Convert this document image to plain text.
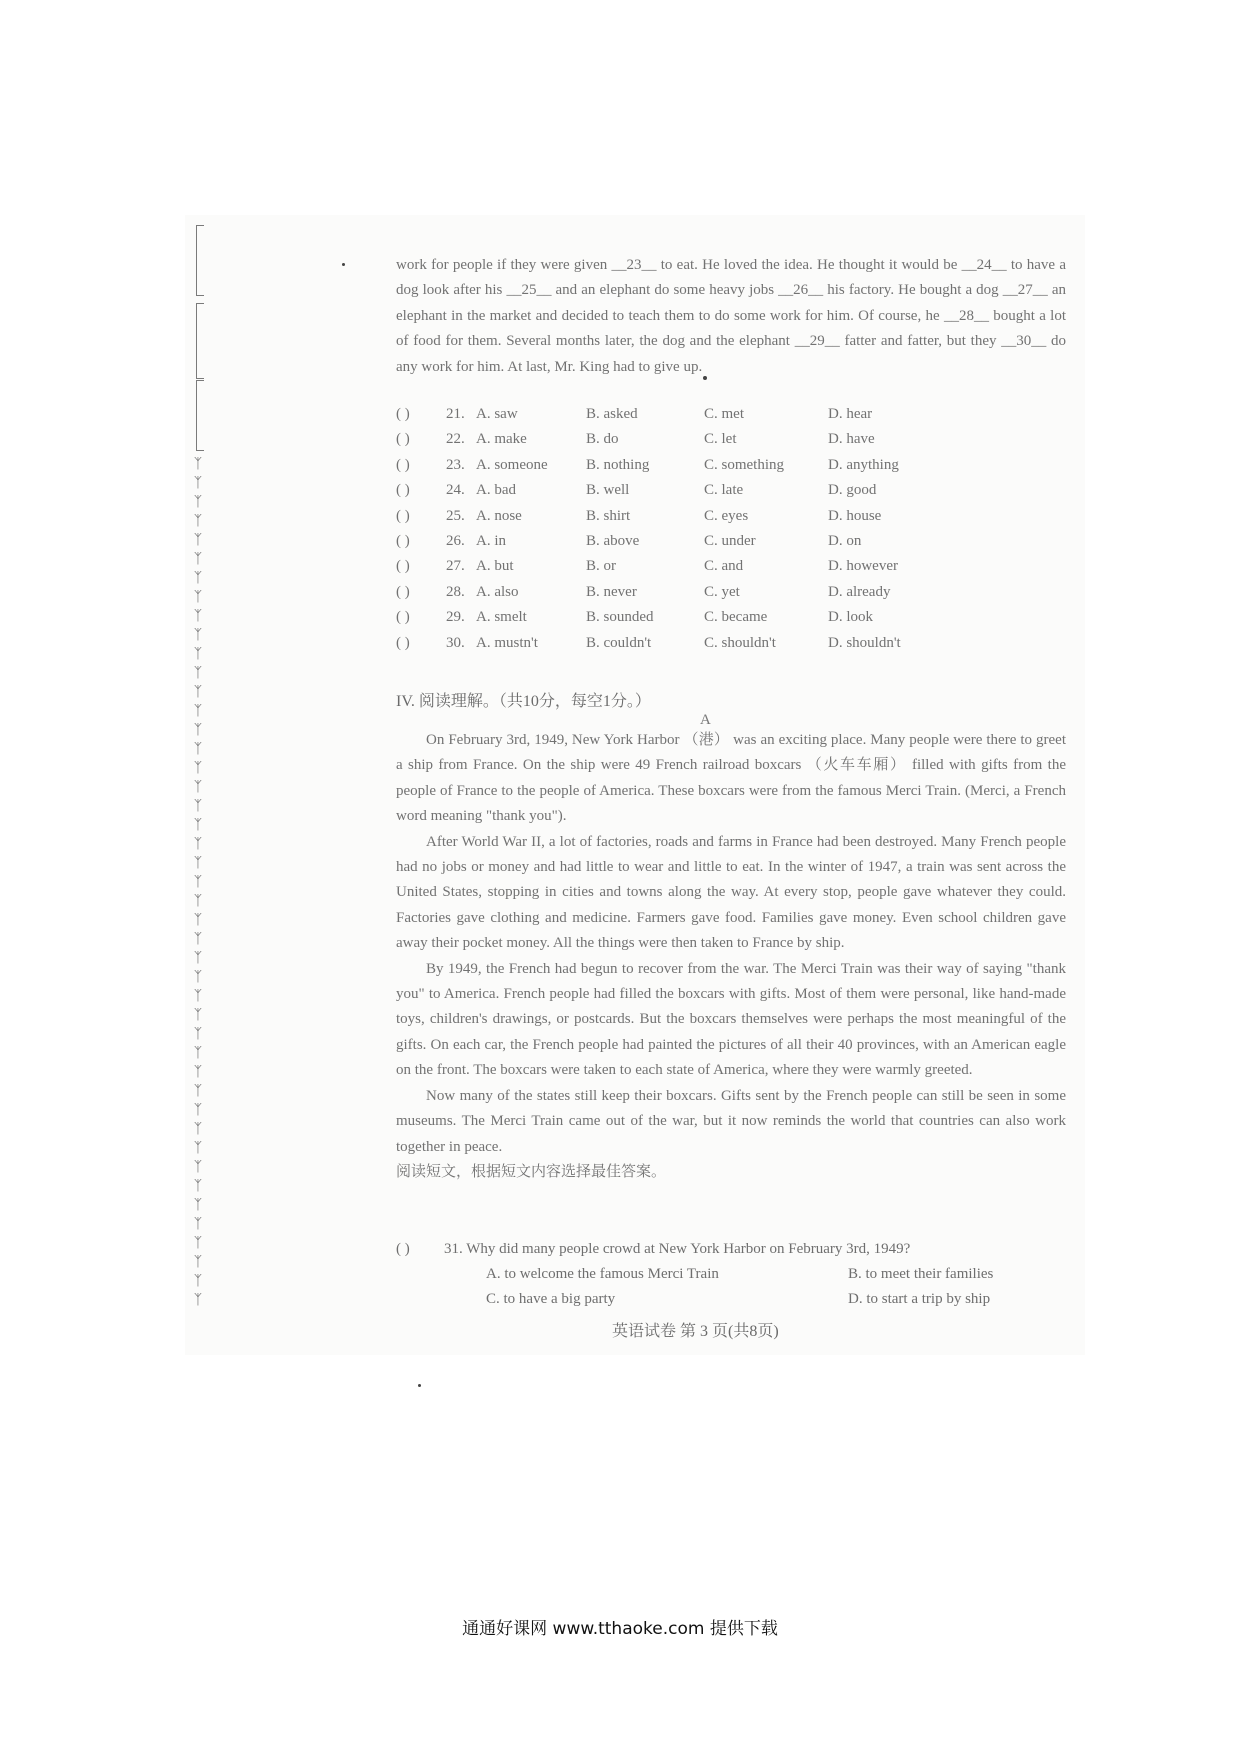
ᛉᛉᛉᛉᛉᛉᛉᛉᛉᛉᛉᛉᛉᛉᛉᛉᛉᛉᛉᛉᛉᛉᛉᛉᛉᛉᛉᛉᛉᛉᛉᛉᛉᛉᛉᛉᛉᛉᛉᛉᛉᛉᛉᛉᛉ

work for people if they were given __23__ to eat. He loved the idea. He thought it would be __24__ to have a dog look after his __25__ and an elephant do some heavy jobs __26__ his factory. He bought a dog __27__ an elephant in the market and decided to teach them to do some work for him. Of course, he __28__ bought a lot of food for them. Several months later, the dog and the elephant __29__ fatter and fatter, but they __30__ do any work for him. At last, Mr. King had to give up.

( ) 21. A. saw	B. asked	C. met	D. hear
( ) 22. A. make	B. do	C. let	D. have
( ) 23. A. someone	B. nothing	C. something	D. anything
( ) 24. A. bad	B. well	C. late	D. good
( ) 25. A. nose	B. shirt	C. eyes	D. house
( ) 26. A. in	B. above	C. under	D. on
( ) 27. A. but	B. or	C. and	D. however
( ) 28. A. also	B. never	C. yet	D. already
( ) 29. A. smelt	B. sounded	C. became	D. look
( ) 30. A. mustn't	B. couldn't	C. shouldn't	D. shouldn't
IV. 阅读理解。（共10分，每空1分。）
A

On February 3rd, 1949, New York Harbor （港） was an exciting place. Many people were there to greet a ship from France. On the ship were 49 French railroad boxcars （火车车厢） filled with gifts from the people of France to the people of America. These boxcars were from the famous Merci Train. (Merci, a French word meaning "thank you").

After World War II, a lot of factories, roads and farms in France had been destroyed. Many French people had no jobs or money and had little to wear and little to eat. In the winter of 1947, a train was sent across the United States, stopping in cities and towns along the way. At every stop, people gave whatever they could. Factories gave clothing and medicine. Farmers gave food. Families gave money. Even school children gave away their pocket money. All the things were then taken to France by ship.

By 1949, the French had begun to recover from the war. The Merci Train was their way of saying "thank you" to America. French people had filled the boxcars with gifts. Most of them were personal, like hand-made toys, children's drawings, or postcards. But the boxcars themselves were perhaps the most meaningful of the gifts. On each car, the French people had painted the pictures of all their 40 provinces, with an American eagle on the front. The boxcars were taken to each state of America, where they were warmly greeted.

Now many of the states still keep their boxcars. Gifts sent by the French people can still be seen in some museums. The Merci Train came out of the war, but it now reminds the world that countries can also work together in peace.

阅读短文，根据短文内容选择最佳答案。

( ) 31. Why did many people crowd at New York Harbor on February 3rd, 1949?
A. to welcome the famous Merci Train	B. to meet their families
C. to have a big party	D. to start a trip by ship
英语试卷 第 3 页(共8页)
通通好课网 www.tthaoke.com 提供下载
